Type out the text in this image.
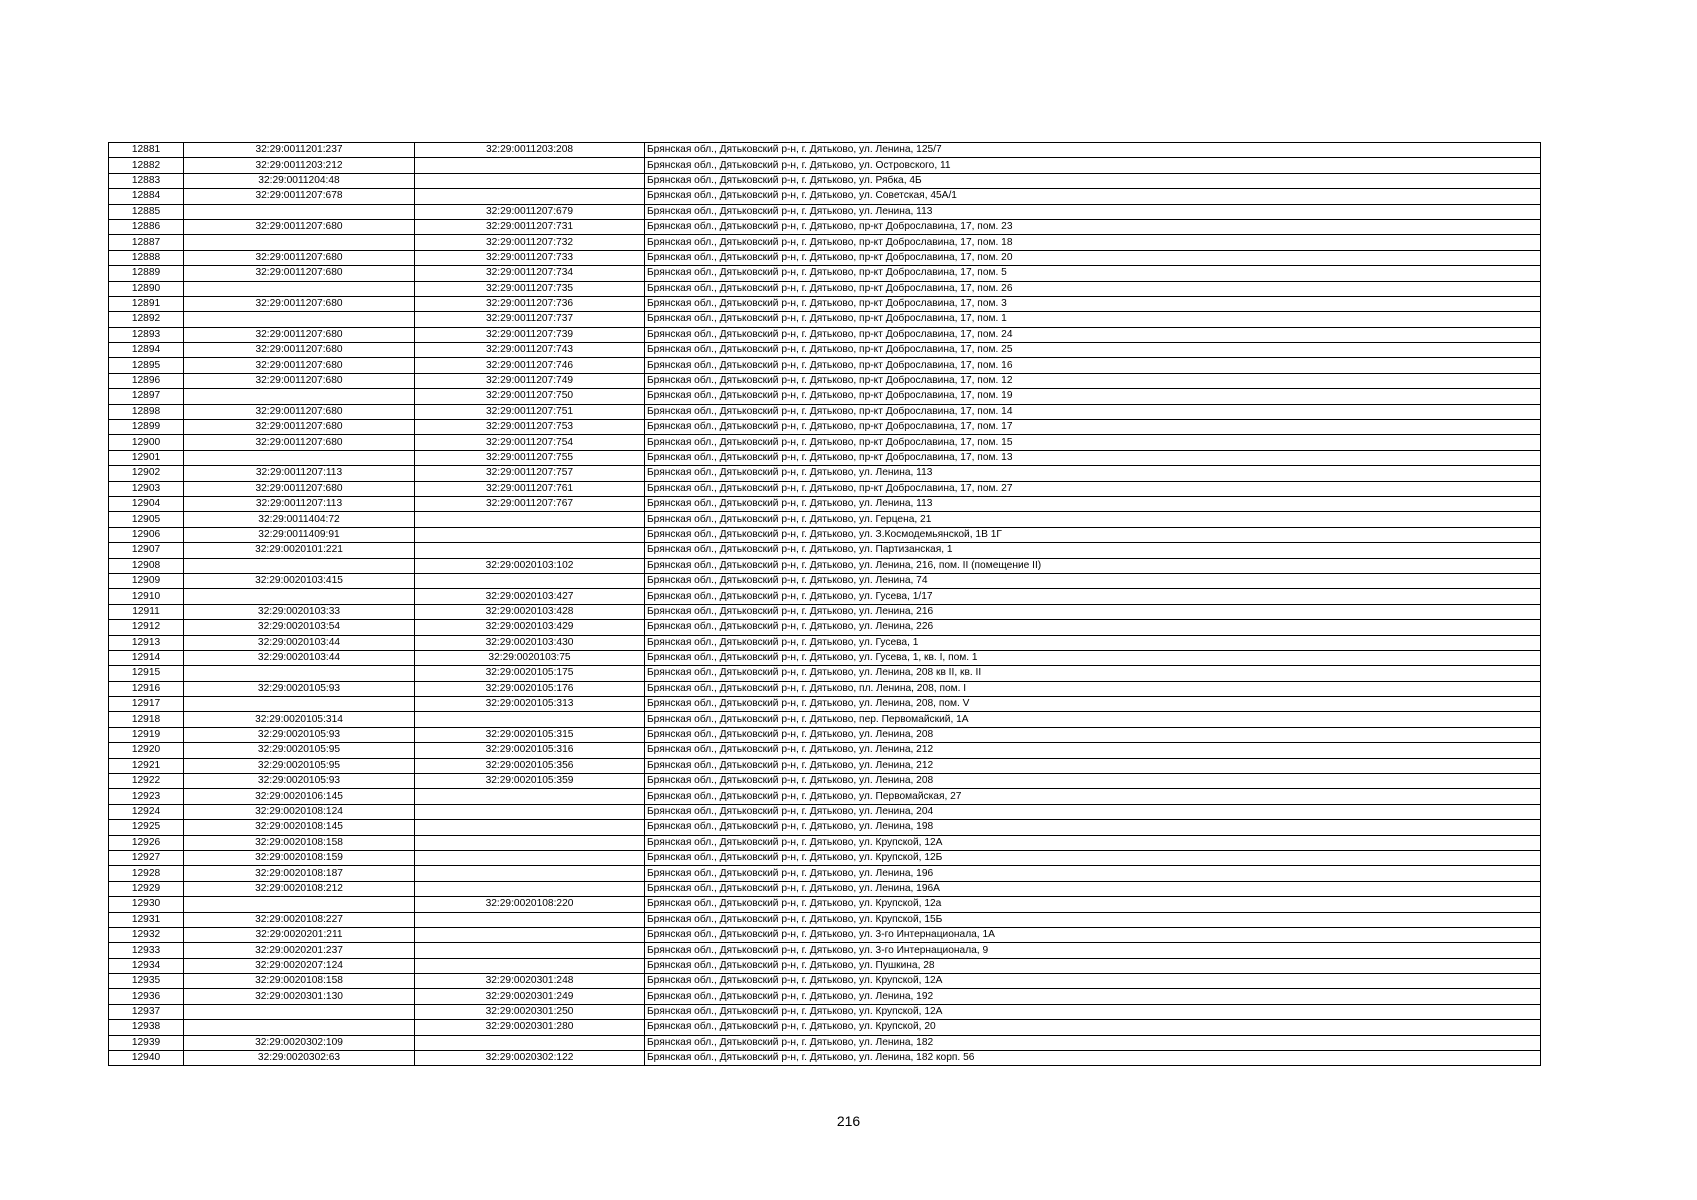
12881	32:29:0011201:237	32:29:0011203:208	Брянская обл., Дятьковский р-н, г. Дятьково, ул. Ленина, 125/7
12882	32:29:0011203:212		Брянская обл., Дятьковский р-н, г. Дятьково, ул. Островского, 11
12883	32:29:0011204:48		Брянская обл., Дятьковский р-н, г. Дятьково, ул. Рябка, 4Б
12884	32:29:0011207:678		Брянская обл., Дятьковский р-н, г. Дятьково, ул. Советская, 45А/1
12885		32:29:0011207:679	Брянская обл., Дятьковский р-н, г. Дятьково, ул. Ленина, 113
12886	32:29:0011207:680	32:29:0011207:731	Брянская обл., Дятьковский р-н, г. Дятьково, пр-кт Доброславина, 17, пом. 23
12887		32:29:0011207:732	Брянская обл., Дятьковский р-н, г. Дятьково, пр-кт Доброславина, 17, пом. 18
12888	32:29:0011207:680	32:29:0011207:733	Брянская обл., Дятьковский р-н, г. Дятьково, пр-кт Доброславина, 17, пом. 20
12889	32:29:0011207:680	32:29:0011207:734	Брянская обл., Дятьковский р-н, г. Дятьково, пр-кт Доброславина, 17, пом. 5
12890		32:29:0011207:735	Брянская обл., Дятьковский р-н, г. Дятьково, пр-кт Доброславина, 17, пом. 26
12891	32:29:0011207:680	32:29:0011207:736	Брянская обл., Дятьковский р-н, г. Дятьково, пр-кт Доброславина, 17, пом. 3
12892		32:29:0011207:737	Брянская обл., Дятьковский р-н, г. Дятьково, пр-кт Доброславина, 17, пом. 1
12893	32:29:0011207:680	32:29:0011207:739	Брянская обл., Дятьковский р-н, г. Дятьково, пр-кт Доброславина, 17, пом. 24
12894	32:29:0011207:680	32:29:0011207:743	Брянская обл., Дятьковский р-н, г. Дятьково, пр-кт Доброславина, 17, пом. 25
12895	32:29:0011207:680	32:29:0011207:746	Брянская обл., Дятьковский р-н, г. Дятьково, пр-кт Доброславина, 17, пом. 16
12896	32:29:0011207:680	32:29:0011207:749	Брянская обл., Дятьковский р-н, г. Дятьково, пр-кт Доброславина, 17, пом. 12
12897		32:29:0011207:750	Брянская обл., Дятьковский р-н, г. Дятьково, пр-кт Доброславина, 17, пом. 19
12898	32:29:0011207:680	32:29:0011207:751	Брянская обл., Дятьковский р-н, г. Дятьково, пр-кт Доброславина, 17, пом. 14
12899	32:29:0011207:680	32:29:0011207:753	Брянская обл., Дятьковский р-н, г. Дятьково, пр-кт Доброславина, 17, пом. 17
12900	32:29:0011207:680	32:29:0011207:754	Брянская обл., Дятьковский р-н, г. Дятьково, пр-кт Доброславина, 17, пом. 15
12901		32:29:0011207:755	Брянская обл., Дятьковский р-н, г. Дятьково, пр-кт Доброславина, 17, пом. 13
12902	32:29:0011207:113	32:29:0011207:757	Брянская обл., Дятьковский р-н, г. Дятьково, ул. Ленина, 113
12903	32:29:0011207:680	32:29:0011207:761	Брянская обл., Дятьковский р-н, г. Дятьково, пр-кт Доброславина, 17, пом. 27
12904	32:29:0011207:113	32:29:0011207:767	Брянская обл., Дятьковский р-н, г. Дятьково, ул. Ленина, 113
12905	32:29:0011404:72		Брянская обл., Дятьковский р-н, г. Дятьково, ул. Герцена, 21
12906	32:29:0011409:91		Брянская обл., Дятьковский р-н, г. Дятьково, ул. З.Космодемьянской, 1В 1Г
12907	32:29:0020101:221		Брянская обл., Дятьковский р-н, г. Дятьково, ул. Партизанская, 1
12908		32:29:0020103:102	Брянская обл., Дятьковский р-н, г. Дятьково, ул. Ленина, 216, пом. II (помещение II)
12909	32:29:0020103:415		Брянская обл., Дятьковский р-н, г. Дятьково, ул. Ленина, 74
12910		32:29:0020103:427	Брянская обл., Дятьковский р-н, г. Дятьково, ул. Гусева, 1/17
12911	32:29:0020103:33	32:29:0020103:428	Брянская обл., Дятьковский р-н, г. Дятьково, ул. Ленина, 216
12912	32:29:0020103:54	32:29:0020103:429	Брянская обл., Дятьковский р-н, г. Дятьково, ул. Ленина, 226
12913	32:29:0020103:44	32:29:0020103:430	Брянская обл., Дятьковский р-н, г. Дятьково, ул. Гусева, 1
12914	32:29:0020103:44	32:29:0020103:75	Брянская обл., Дятьковский р-н, г. Дятьково, ул. Гусева, 1, кв. I, пом. 1
12915		32:29:0020105:175	Брянская обл., Дятьковский р-н, г. Дятьково, ул. Ленина, 208 кв II, кв. II
12916	32:29:0020105:93	32:29:0020105:176	Брянская обл., Дятьковский р-н, г. Дятьково, пл. Ленина, 208, пом. I
12917		32:29:0020105:313	Брянская обл., Дятьковский р-н, г. Дятьково, ул. Ленина, 208, пом. V
12918	32:29:0020105:314		Брянская обл., Дятьковский р-н, г. Дятьково, пер. Первомайский, 1А
12919	32:29:0020105:93	32:29:0020105:315	Брянская обл., Дятьковский р-н, г. Дятьково, ул. Ленина, 208
12920	32:29:0020105:95	32:29:0020105:316	Брянская обл., Дятьковский р-н, г. Дятьково, ул. Ленина, 212
12921	32:29:0020105:95	32:29:0020105:356	Брянская обл., Дятьковский р-н, г. Дятьково, ул. Ленина, 212
12922	32:29:0020105:93	32:29:0020105:359	Брянская обл., Дятьковский р-н, г. Дятьково, ул. Ленина, 208
12923	32:29:0020106:145		Брянская обл., Дятьковский р-н, г. Дятьково, ул. Первомайская, 27
12924	32:29:0020108:124		Брянская обл., Дятьковский р-н, г. Дятьково, ул. Ленина, 204
12925	32:29:0020108:145		Брянская обл., Дятьковский р-н, г. Дятьково, ул. Ленина, 198
12926	32:29:0020108:158		Брянская обл., Дятьковский р-н, г. Дятьково, ул. Крупской, 12А
12927	32:29:0020108:159		Брянская обл., Дятьковский р-н, г. Дятьково, ул. Крупской, 12Б
12928	32:29:0020108:187		Брянская обл., Дятьковский р-н, г. Дятьково, ул. Ленина, 196
12929	32:29:0020108:212		Брянская обл., Дятьковский р-н, г. Дятьково, ул. Ленина, 196А
12930		32:29:0020108:220	Брянская обл., Дятьковский р-н, г. Дятьково, ул. Крупской, 12а
12931	32:29:0020108:227		Брянская обл., Дятьковский р-н, г. Дятьково, ул. Крупской, 15Б
12932	32:29:0020201:211		Брянская обл., Дятьковский р-н, г. Дятьково, ул. 3-го Интернационала, 1А
12933	32:29:0020201:237		Брянская обл., Дятьковский р-н, г. Дятьково, ул. 3-го Интернационала, 9
12934	32:29:0020207:124		Брянская обл., Дятьковский р-н, г. Дятьково, ул. Пушкина, 28
12935	32:29:0020108:158	32:29:0020301:248	Брянская обл., Дятьковский р-н, г. Дятьково, ул. Крупской, 12А
12936	32:29:0020301:130	32:29:0020301:249	Брянская обл., Дятьковский р-н, г. Дятьково, ул. Ленина, 192
12937		32:29:0020301:250	Брянская обл., Дятьковский р-н, г. Дятьково, ул. Крупской, 12А
12938		32:29:0020301:280	Брянская обл., Дятьковский р-н, г. Дятьково, ул. Крупской, 20
12939	32:29:0020302:109		Брянская обл., Дятьковский р-н, г. Дятьково, ул. Ленина, 182
12940	32:29:0020302:63	32:29:0020302:122	Брянская обл., Дятьковский р-н, г. Дятьково, ул. Ленина, 182 корп. 56
216
